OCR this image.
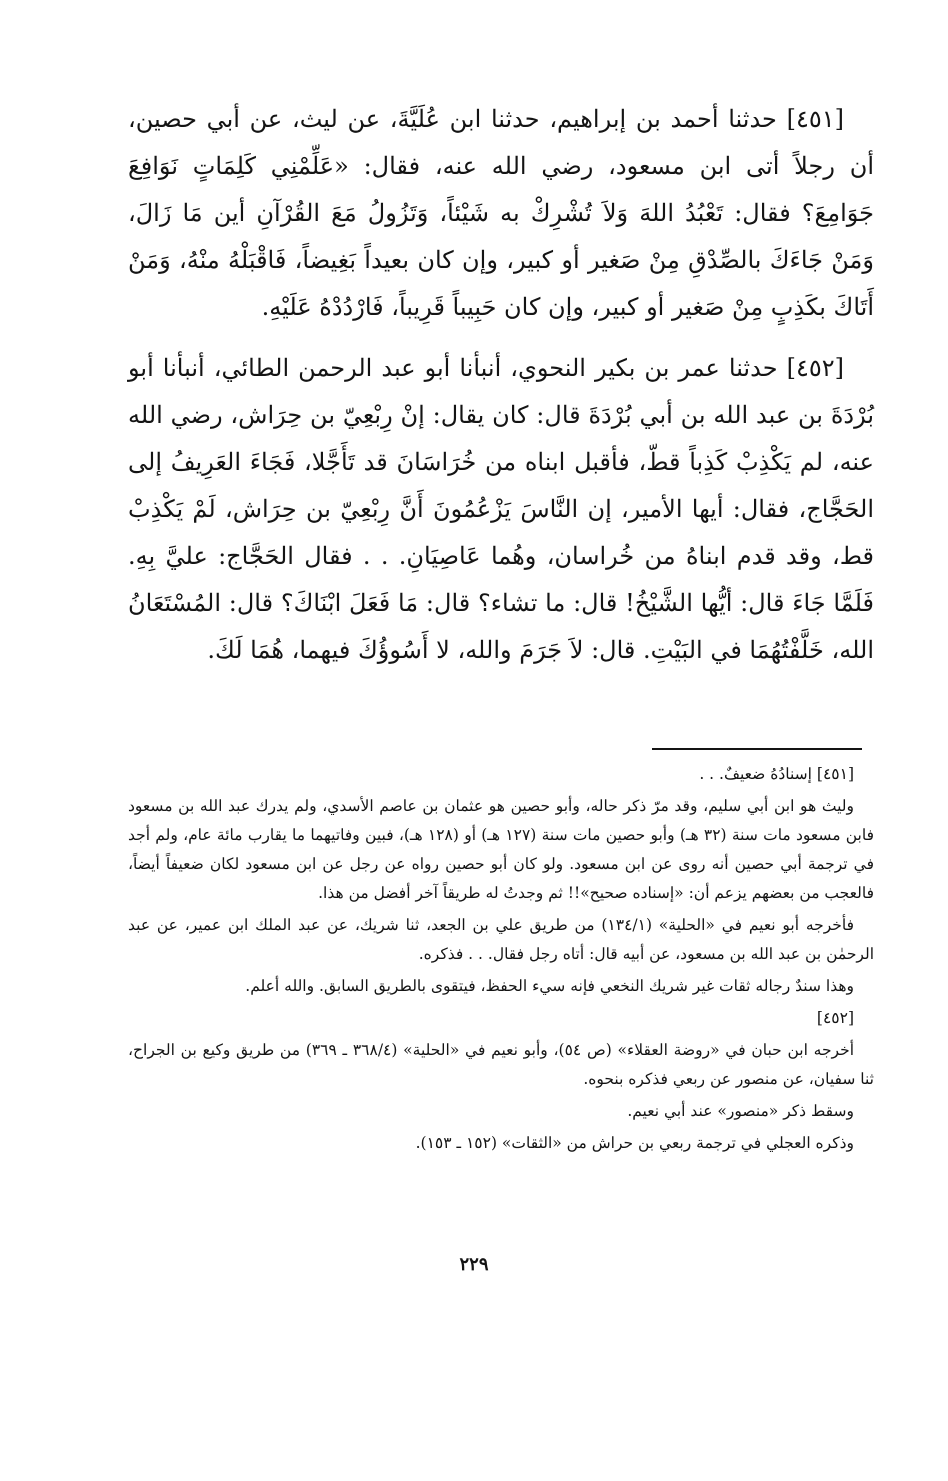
[٤٥١] حدثنا أحمد بن إبراهيم، حدثنا ابن عُلَيَّةَ، عن ليث، عن أبي حصين، أن رجلاً أتى ابن مسعود، رضي الله عنه، فقال: «عَلِّمْنِي كَلِمَاتٍ نَوَافِعَ جَوَامِعَ؟ فقال: تَعْبُدُ اللهَ وَلاَ تُشْرِكْ به شَيْئاً، وَتَزُولُ مَعَ القُرْآنِ أين مَا زَالَ، وَمَنْ جَاءَكَ بالصِّدْقِ مِنْ صَغير أو كبير، وإن كان بعيداً بَغِيضاً، فَاقْبَلْهُ منْهُ، وَمَنْ أَتَاكَ بكَذِبٍ مِنْ صَغير أو كبير، وإن كان حَبِيباً قَرِيباً، فَارْدُدْهُ عَلَيْهِ.

[٤٥٢] حدثنا عمر بن بكير النحوي، أنبأنا أبو عبد الرحمن الطائي، أنبأنا أبو بُرْدَةَ بن عبد الله بن أبي بُرْدَةَ قال: كان يقال: إنْ رِبْعِيّ بن حِرَاش، رضي الله عنه، لم يَكْذِبْ كَذِباً قطّ، فأقبل ابناه من خُرَاسَانَ قد تَأَجَّلا، فَجَاءَ العَرِيفُ إلى الحَجَّاج، فقال: أيها الأمير، إن النَّاسَ يَزْعُمُونَ أَنَّ رِبْعِيّ بن حِرَاش، لَمْ يَكْذِبْ قط، وقد قدم ابناهُ من خُراسان، وهُما عَاصِيَانِ. . . فقال الحَجَّاج: عليَّ بِهِ. فَلَمَّا جَاءَ قال: أيُّها الشَّيْخُ! قال: ما تشاء؟ قال: مَا فَعَلَ ابْنَاكَ؟ قال: المُسْتَعَانُ الله، خَلَّفْتُهُمَا في البَيْتِ. قال: لاَ جَرَمَ والله، لا أَسُوؤُكَ فيهما، هُمَا لَكَ.

[٤٥١] إسنادُهُ ضعيفٌ. . .

وليث هو ابن أبي سليم، وقد مرّ ذكر حاله، وأبو حصين هو عثمان بن عاصم الأسدي، ولم يدرك عبد الله بن مسعود فابن مسعود مات سنة (٣٢ هـ) وأبو حصين مات سنة (١٢٧ هـ) أو (١٢٨ هـ)، فبين وفاتيهما ما يقارب مائة عام، ولم أجد في ترجمة أبي حصين أنه روى عن ابن مسعود. ولو كان أبو حصين رواه عن رجل عن ابن مسعود لكان ضعيفاً أيضاً، فالعجب من بعضهم يزعم أن: «إسناده صحيح»!! ثم وجدتُ له طريقاً آخر أفضل من هذا.

فأخرجه أبو نعيم في «الحلية» (١٣٤/١) من طريق علي بن الجعد، ثنا شريك، عن عبد الملك ابن عمير، عن عبد الرحمٰن بن عبد الله بن مسعود، عن أبيه قال: أتاه رجل فقال. . . فذكره.

وهذا سندٌ رجاله ثقات غير شريك النخعي فإنه سيء الحفظ، فيتقوى بالطريق السابق. والله أعلم.

[٤٥٢]

أخرجه ابن حبان في «روضة العقلاء» (ص ٥٤)، وأبو نعيم في «الحلية» (٣٦٨/٤ ـ ٣٦٩) من طريق وكيع بن الجراح، ثنا سفيان، عن منصور عن ربعي فذكره بنحوه.

وسقط ذكر «منصور» عند أبي نعيم.

وذكره العجلي في ترجمة ربعي بن حراش من «الثقات» (١٥٢ ـ ١٥٣).

٢٢٩
